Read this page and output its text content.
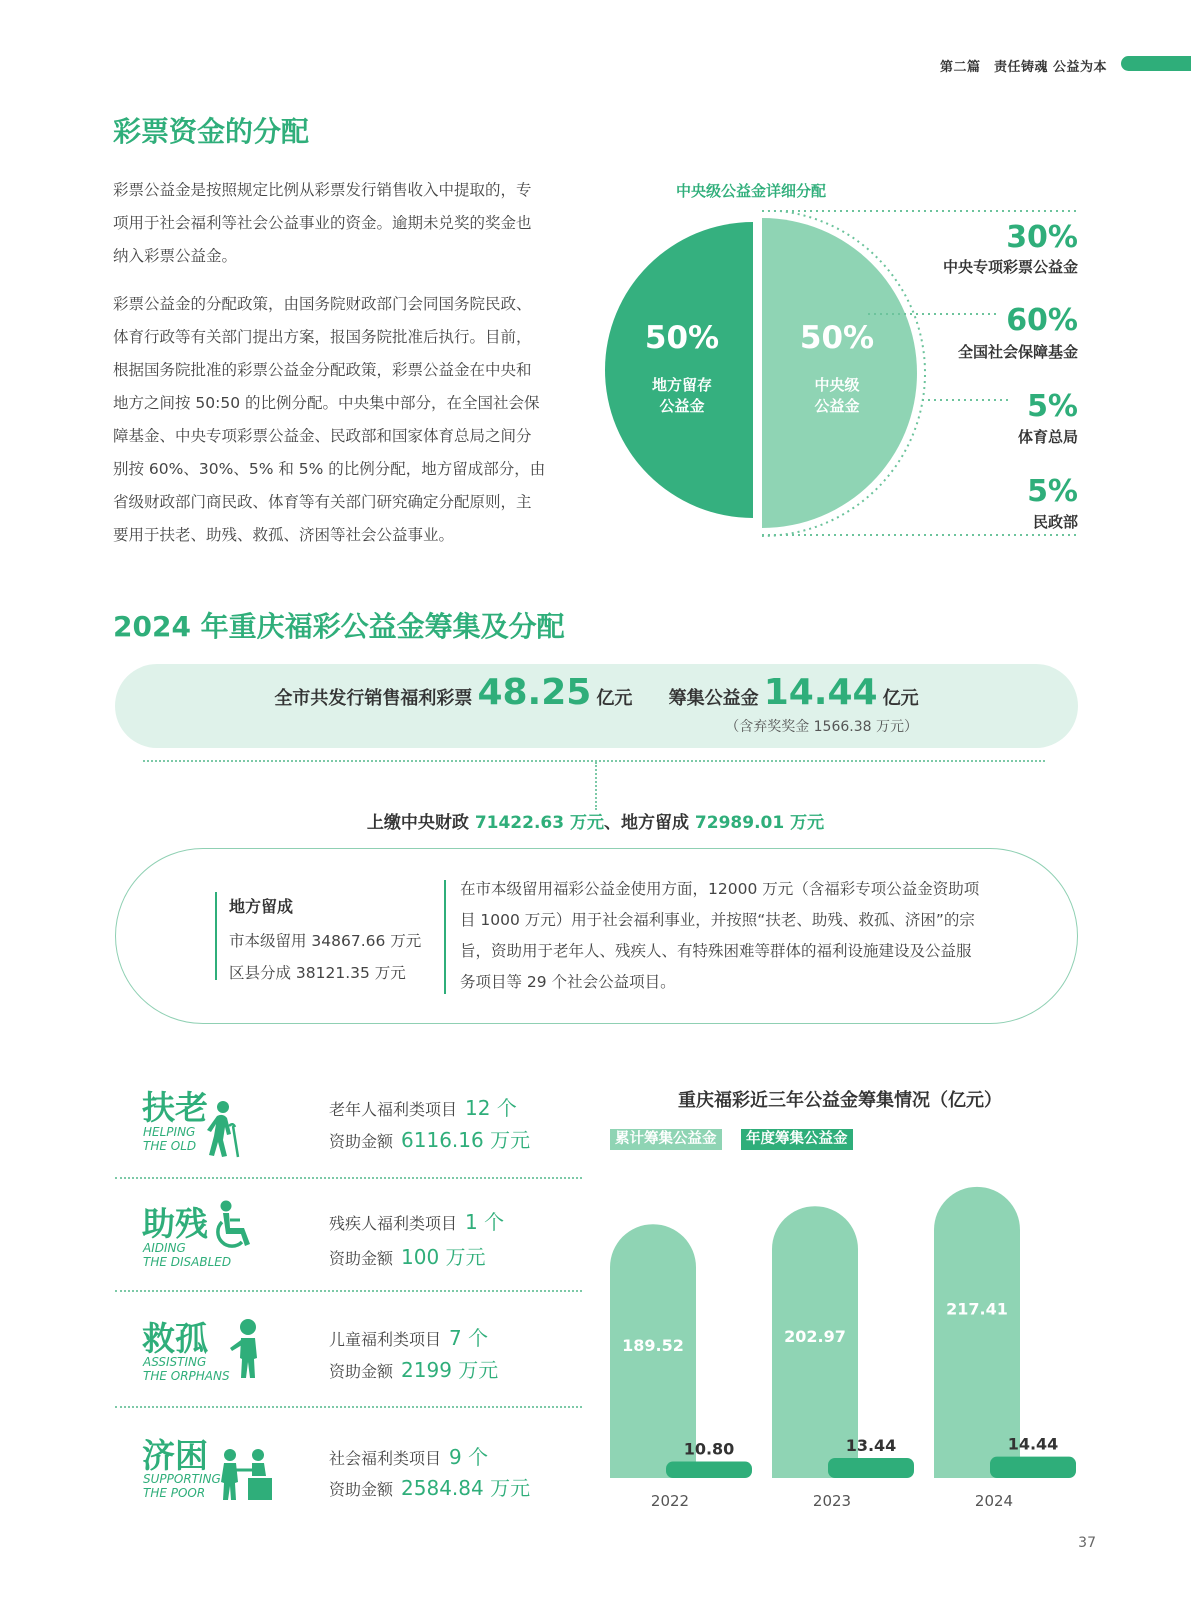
第二篇　责任铸魂 公益为本
彩票资金的分配
彩票公益金是按照规定比例从彩票发行销售收入中提取的，专
项用于社会福利等社会公益事业的资金。逾期未兑奖的奖金也
纳入彩票公益金。
彩票公益金的分配政策，由国务院财政部门会同国务院民政、
体育行政等有关部门提出方案，报国务院批准后执行。目前，
根据国务院批准的彩票公益金分配政策，彩票公益金在中央和
地方之间按 50:50 的比例分配。中央集中部分，在全国社会保
障基金、中央专项彩票公益金、民政部和国家体育总局之间分
别按 60%、30%、5% 和 5% 的比例分配，地方留成部分，由
省级财政部门商民政、体育等有关部门研究确定分配原则，主
要用于扶老、助残、救孤、济困等社会公益事业。
中央级公益金详细分配
50%
地方留存
公益金
50%
中央级
公益金
30%
中央专项彩票公益金
60%
全国社会保障基金
5%
体育总局
5%
民政部
2024 年重庆福彩公益金筹集及分配
全市共发行销售福利彩票 48.25 亿元 筹集公益金 14.44 亿元
（含弃奖奖金 1566.38 万元）
上缴中央财政 71422.63 万元、地方留成 72989.01 万元
地方留成
市本级留用 34867.66 万元
区县分成 38121.35 万元
在市本级留用福彩公益金使用方面，12000 万元（含福彩专项公益金资助项目 1000 万元）用于社会福利事业，并按照“扶老、助残、救孤、济困”的宗旨，资助用于老年人、残疾人、有特殊困难等群体的福利设施建设及公益服务项目等 29 个社会公益项目。
扶老
HELPING
THE OLD
老年人福利类项目 12 个
资助金额 6116.16 万元
助残
AIDING
THE DISABLED
残疾人福利类项目 1 个
资助金额 100 万元
救孤
ASSISTING
THE ORPHANS
儿童福利类项目 7 个
资助金额 2199 万元
济困
SUPPORTING
THE POOR
社会福利类项目 9 个
资助金额 2584.84 万元
重庆福彩近三年公益金筹集情况（亿元）
累计筹集公益金	年度筹集公益金
189.52
10.80
2022
202.97
13.44
2023
217.41
14.44
2024
37
